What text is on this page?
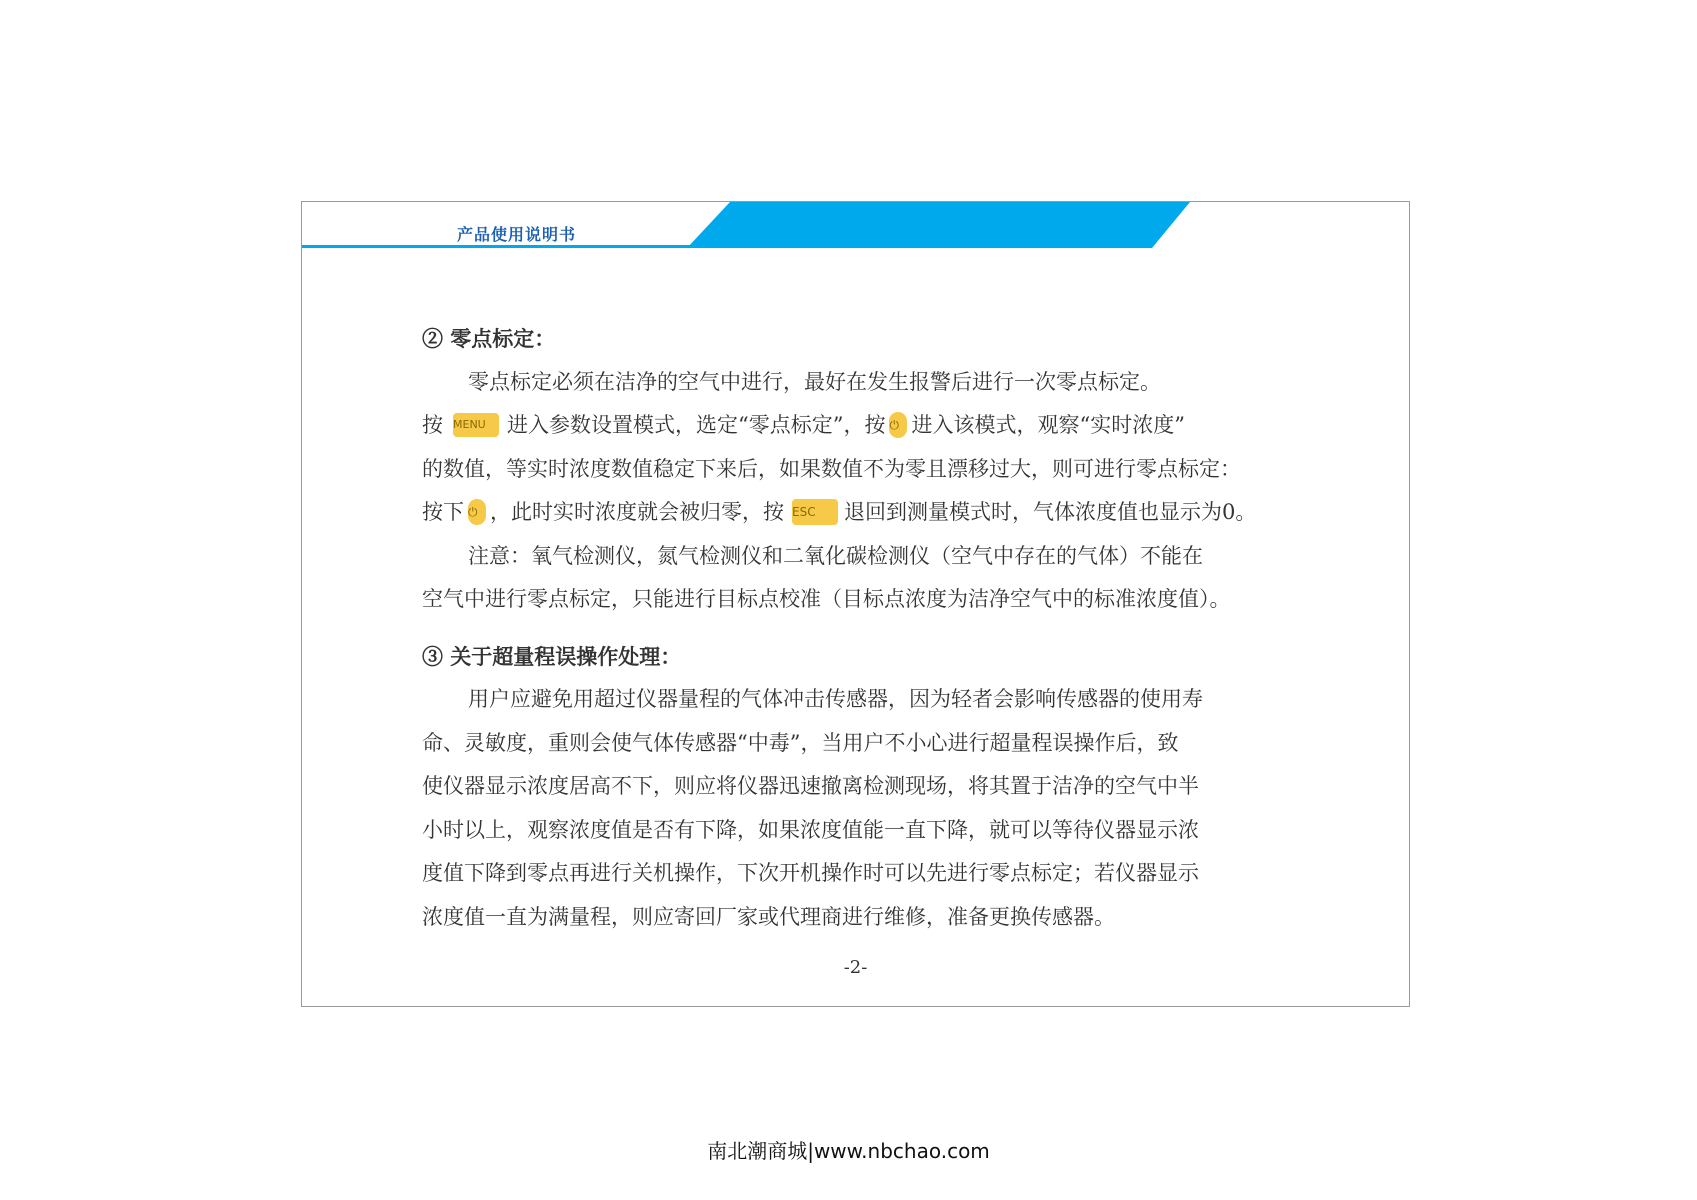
产品使用说明书

② 零点标定：

零点标定必须在洁净的空气中进行，最好在发生报警后进行一次零点标定。

按 MENU 进入参数设置模式，选定“零点标定”，按 ⏻ 进入该模式，观察“实时浓度”
的数值，等实时浓度数值稳定下来后，如果数值不为零且漂移过大，则可进行零点标定：
按下 ⏻ ，此时实时浓度就会被归零，按 ESC 退回到测量模式时，气体浓度值也显示为0。

注意：氧气检测仪，氮气检测仪和二氧化碳检测仪（空气中存在的气体）不能在
空气中进行零点标定，只能进行目标点校准（目标点浓度为洁净空气中的标准浓度值）。

③ 关于超量程误操作处理：

用户应避免用超过仪器量程的气体冲击传感器，因为轻者会影响传感器的使用寿
命、灵敏度，重则会使气体传感器“中毒”，当用户不小心进行超量程误操作后，致
使仪器显示浓度居高不下，则应将仪器迅速撤离检测现场，将其置于洁净的空气中半
小时以上，观察浓度值是否有下降，如果浓度值能一直下降，就可以等待仪器显示浓
度值下降到零点再进行关机操作，下次开机操作时可以先进行零点标定；若仪器显示
浓度值一直为满量程，则应寄回厂家或代理商进行维修，准备更换传感器。

-2-
南北潮商城|www.nbchao.com
